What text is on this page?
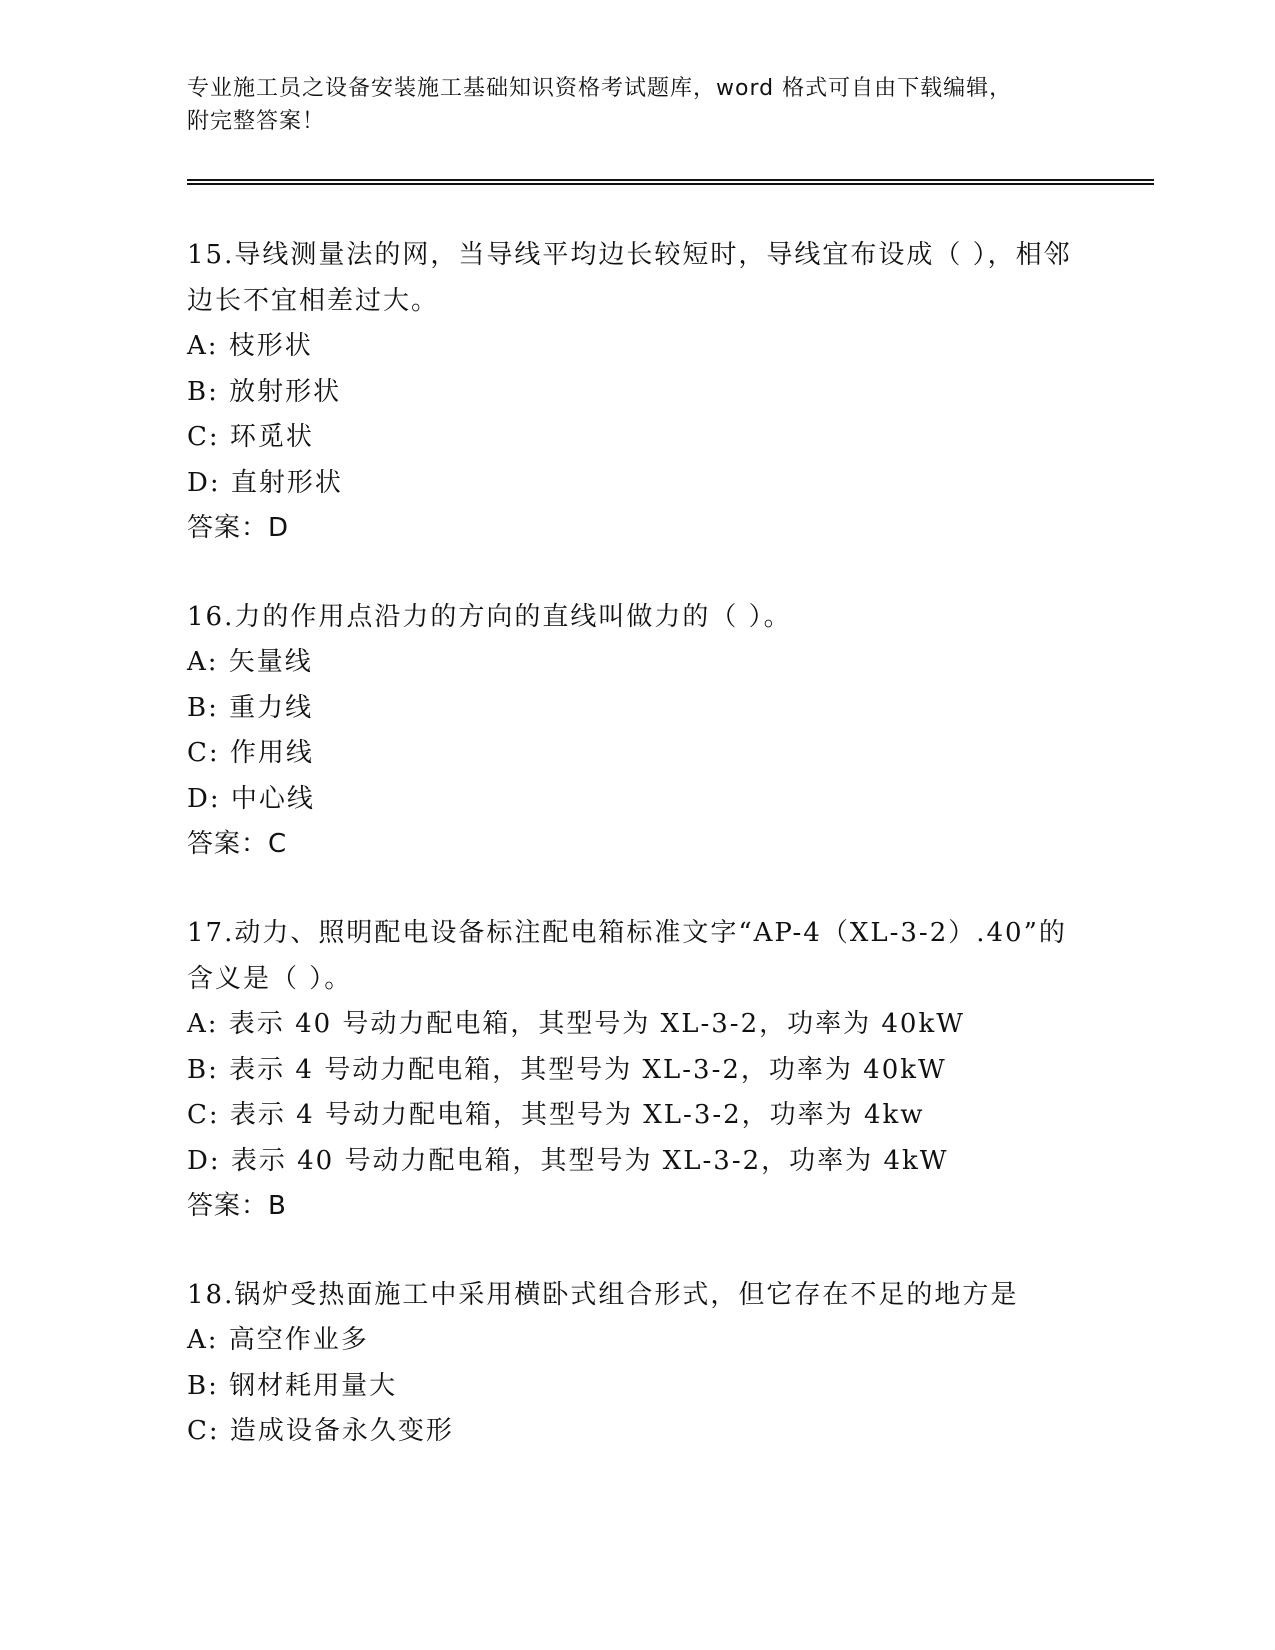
专业施工员之设备安装施工基础知识资格考试题库，word 格式可自由下载编辑，
附完整答案！

15.导线测量法的网，当导线平均边长较短时，导线宜布设成（ ），相邻边长不宜相差过大。

A: 枝形状

B: 放射形状

C: 环觅状

D: 直射形状

答案：D

16.力的作用点沿力的方向的直线叫做力的（ ）。

A: 矢量线

B: 重力线

C: 作用线

D: 中心线

答案：C

17.动力、照明配电设备标注配电箱标准文字“AP-4（XL-3-2）.40”的含义是（ ）。

A: 表示 40 号动力配电箱，其型号为 XL-3-2，功率为 40kW

B: 表示 4 号动力配电箱，其型号为 XL-3-2，功率为 40kW

C: 表示 4 号动力配电箱，其型号为 XL-3-2，功率为 4kw

D: 表示 40 号动力配电箱，其型号为 XL-3-2，功率为 4kW

答案：B

18.锅炉受热面施工中采用横卧式组合形式，但它存在不足的地方是

A: 高空作业多

B: 钢材耗用量大

C: 造成设备永久变形
